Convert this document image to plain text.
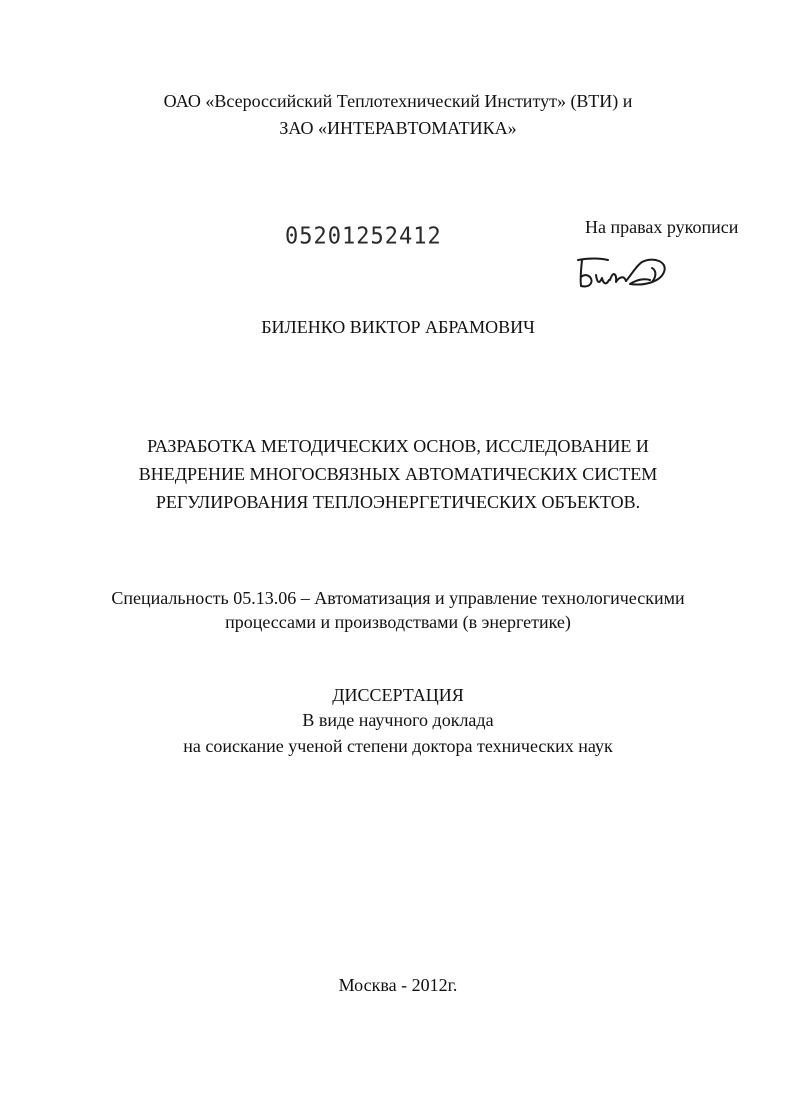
ОАО «Всероссийский Теплотехнический Институт» (ВТИ) и
ЗАО «ИНТЕРАВТОМАТИКА»
05201252412	На правах рукописи
БИЛЕНКО ВИКТОР АБРАМОВИЧ
РАЗРАБОТКА МЕТОДИЧЕСКИХ ОСНОВ, ИССЛЕДОВАНИЕ И
ВНЕДРЕНИЕ МНОГОСВЯЗНЫХ АВТОМАТИЧЕСКИХ СИСТЕМ
РЕГУЛИРОВАНИЯ ТЕПЛОЭНЕРГЕТИЧЕСКИХ ОБЪЕКТОВ.
Специальность 05.13.06 – Автоматизация и управление технологическими
процессами и производствами (в энергетике)
ДИССЕРТАЦИЯ
В виде научного доклада
на соискание ученой степени доктора технических наук
Москва - 2012г.
